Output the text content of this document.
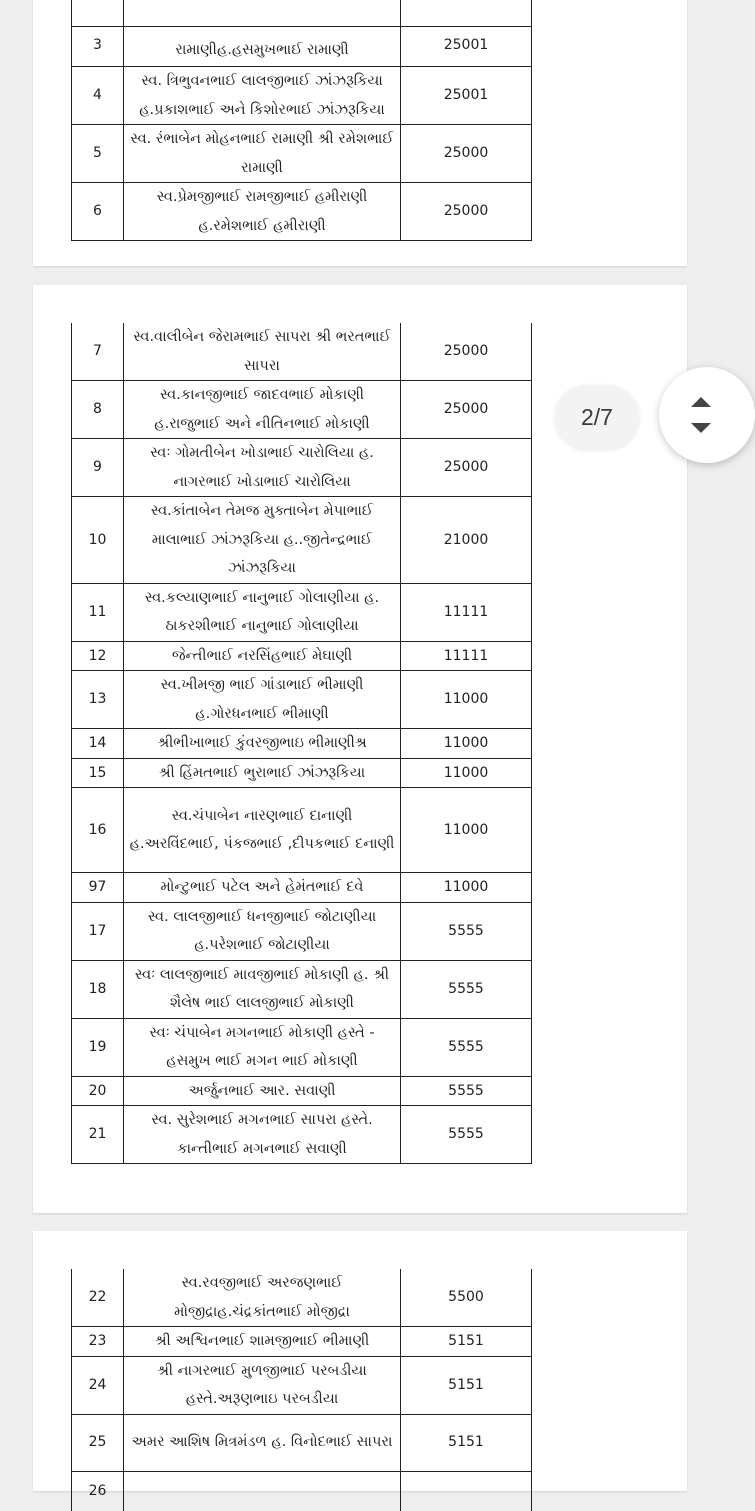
3	રામાણીહ.હસમુખભાઈ રામાણી	25001
4	સ્વ. ત્રિભુવનભાઈ લાલજીભાઈ ઝાંઝરૂકિયા હ.પ્રકાશભાઈ અને કિશોરભાઈ ઝાંઝરૂકિયા	25001
5	સ્વ. રંભાબેન મોહનભાઈ રામાણી શ્રી રમેશભાઈ રામાણી	25000
6	સ્વ.પ્રેમજીભાઈ રામજીભાઈ હમીરાણી હ.રમેશભાઈ હમીરાણી	25000
7	સ્વ.વાલીબેન જેરામભાઈ સાપરા શ્રી ભરતભાઈ સાપરા	25000
8	સ્વ.કાનજીભાઈ જાદવભાઈ મોકાણી હ.રાજુભાઈ અને નીતિનભાઈ મોકાણી	25000
9	સ્વઃ ગોમતીબેન ખોડાભાઈ ચારોલિયા હ. નાગરભાઈ ખોડાભાઈ ચારોલિયા	25000
10	સ્વ.કાંતાબેન તેમજ મુક્તાબેન મેપાભાઈ માલાભાઈ ઝાંઝરૂકિયા હ..જીતેન્દ્રભાઈ ઝાંઝરૂકિયા	21000
11	સ્વ.કલ્યાણભાઈ નાનુભાઈ ગોલાણીયા હ. ઠાકરશીભાઈ નાનુભાઈ ગોલાણીયા	11111
12	જેન્તીભાઈ નરસિંહભાઈ મેઘાણી	11111
13	સ્વ.ખીમજી ભાઈ ગાંડાભાઈ ભીમાણી હ.ગોરધનભાઈ ભીમાણી	11000
14	શ્રીભીખાભાઈ કુંવરજીભાઇ ભીમાણીશ્ર	11000
15	શ્રી હિંમતભાઈ ભુરાભાઈ ઝાંઝરૂકિયા	11000
16	સ્વ.ચંપાબેન નારણભાઈ દાનાણી હ.અરવિંદભાઈ, પંકજભાઈ ,દીપકભાઈ દનાણી	11000
97	મોન્ટુભાઈ પટેલ અને હેમંતભાઈ દવે	11000
17	સ્વ. લાલજીભાઈ ધનજીભાઈ જોટાણીયા હ.પરેશભાઈ જોટાણીયા	5555
18	સ્વઃ લાલજીભાઈ માવજીભાઈ મોકાણી હ. શ્રી શૈલેષ ભાઈ લાલજીભાઈ મોકાણી	5555
19	સ્વઃ ચંપાબેન મગનભાઈ મોકાણી હસ્તે - હસમુખ ભાઈ મગન ભાઈ મોકાણી	5555
20	અર્જુનભાઈ આર. સવાણી	5555
21	સ્વ. સુરેશભાઈ મગનભાઈ સાપરા હસ્તે. કાન્તીભાઈ મગનભાઈ સવાણી	5555
22	સ્વ.રવજીભાઈ અરજણભાઈ મોજીદ્રાહ.ચંદ્રકાંતભાઈ મોજીદ્રા	5500
23	શ્રી અશ્વિનભાઈ શામજીભાઈ ભીમાણી	5151
24	શ્રી નાગરભાઈ મુળજીભાઈ પરબડીયા હસ્તે.અરૂણભાઇ પરબડીયા	5151
25	અમર આશિષ મિત્રમંડળ હ. વિનોદભાઈ સાપરા	5151
26		
2/7
